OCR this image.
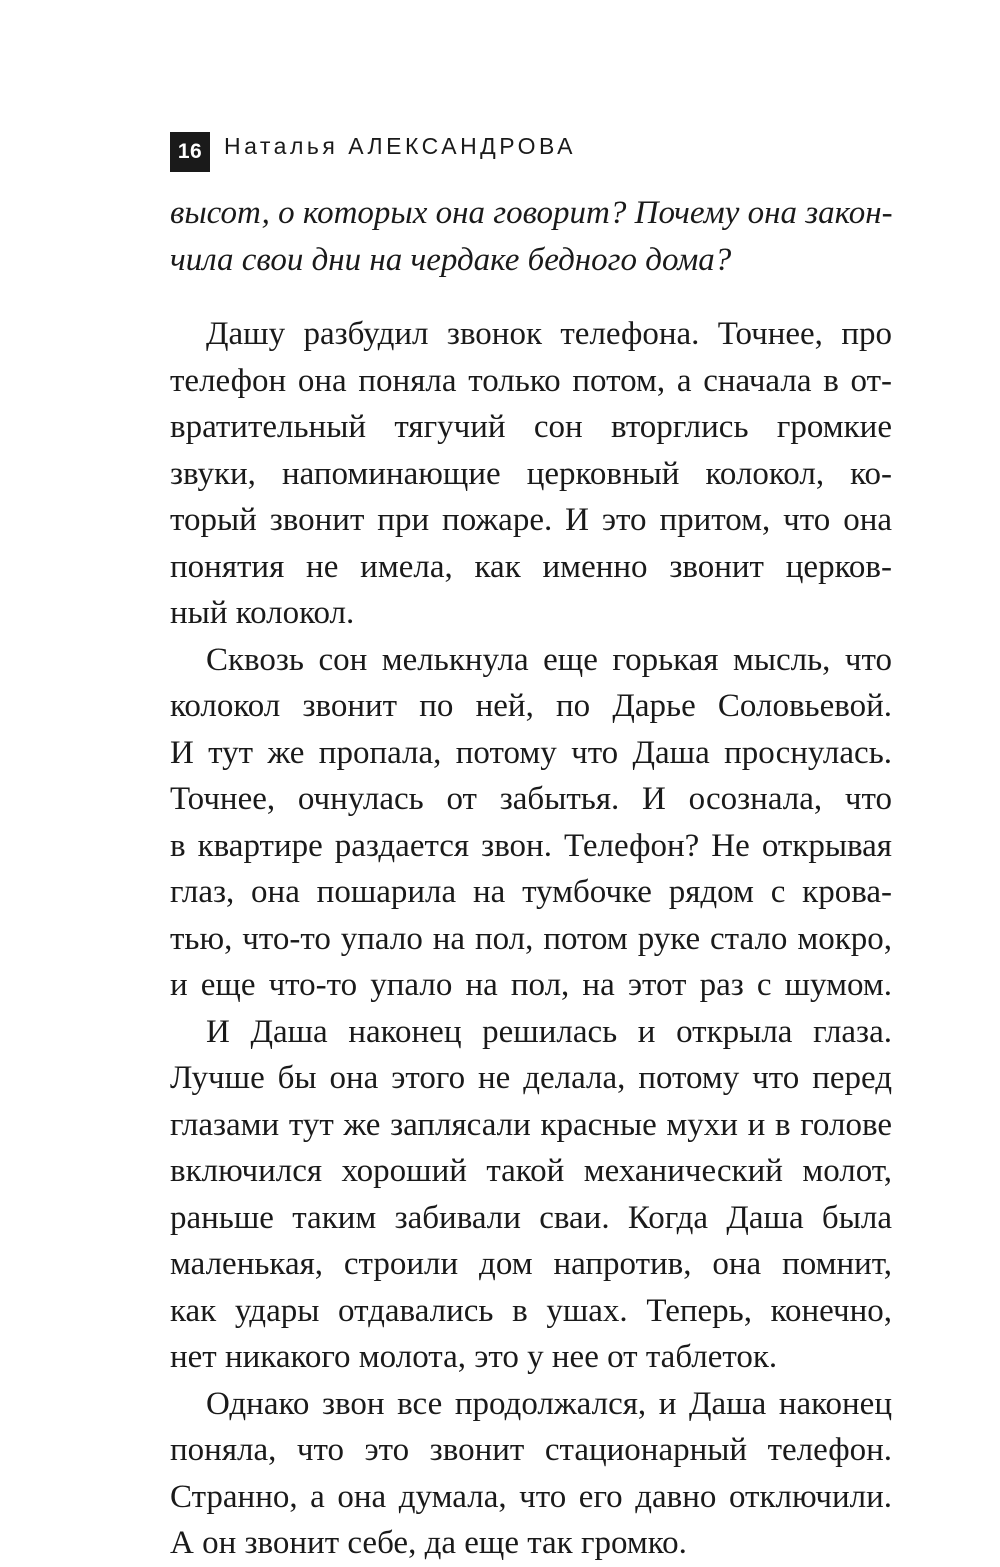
16 Наталья АЛЕКСАНДРОВА
высот, о которых она говорит? Почему она закон-
чила свои дни на чердаке бедного дома?
Дашу разбудил звонок телефона. Точнее, про
телефон она поняла только потом, а сначала в от-
вратительный тягучий сон вторглись громкие
звуки, напоминающие церковный колокол, ко-
торый звонит при пожаре. И это притом, что она
понятия не имела, как именно звонит церков-
ный колокол.
Сквозь сон мелькнула еще горькая мысль, что
колокол звонит по ней, по Дарье Соловьевой.
И тут же пропала, потому что Даша проснулась.
Точнее, очнулась от забытья. И осознала, что
в квартире раздается звон. Телефон? Не открывая
глаз, она пошарила на тумбочке рядом с крова-
тью, что-то упало на пол, потом руке стало мокро,
и еще что-то упало на пол, на этот раз с шумом.
И Даша наконец решилась и открыла глаза.
Лучше бы она этого не делала, потому что перед
глазами тут же заплясали красные мухи и в голове
включился хороший такой механический молот,
раньше таким забивали сваи. Когда Даша была
маленькая, строили дом напротив, она помнит,
как удары отдавались в ушах. Теперь, конечно,
нет никакого молота, это у нее от таблеток.
Однако звон все продолжался, и Даша наконец
поняла, что это звонит стационарный телефон.
Странно, а она думала, что его давно отключили.
А он звонит себе, да еще так громко.
